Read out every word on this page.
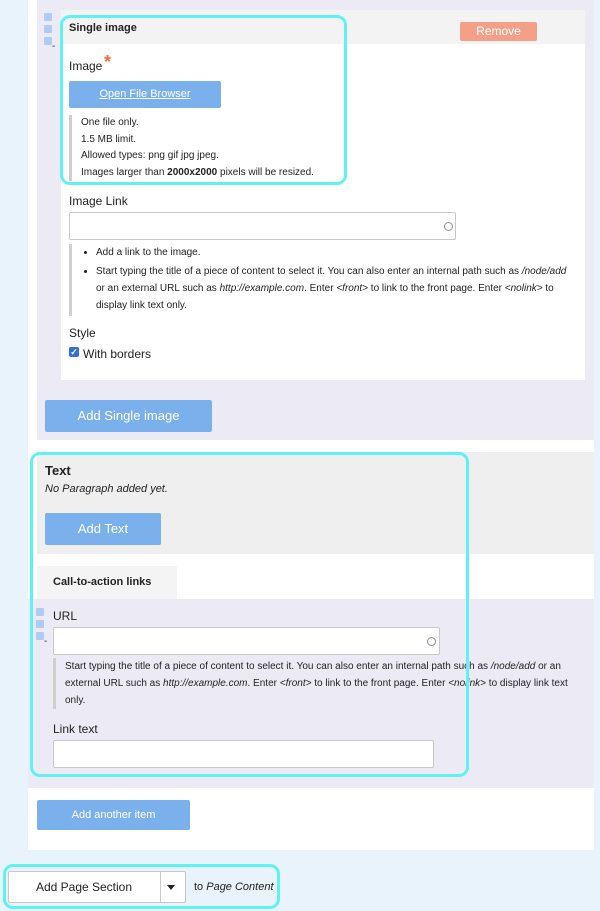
-
Single image	Remove
Image *
Open File Browser
One file only.
1.5 MB limit.
Allowed types: png gif jpg jpeg.
Images larger than 2000x2000 pixels will be resized.
Image Link
• Add a link to the image.
• Start typing the title of a piece of content to select it. You can also enter an internal path such as /node/add or an external URL such as http://example.com. Enter <front> to link to the front page. Enter <nolink> to display link text only.
Style
✓ With borders
Add Single image
Text
No Paragraph added yet.
Add Text
Call-to-action links
-
URL
Start typing the title of a piece of content to select it. You can also enter an internal path such as /node/add or an external URL such as http://example.com. Enter <front> to link to the front page. Enter <nolink> to display link text only.
Link text
Add another item
Add Page Section	to Page Content
